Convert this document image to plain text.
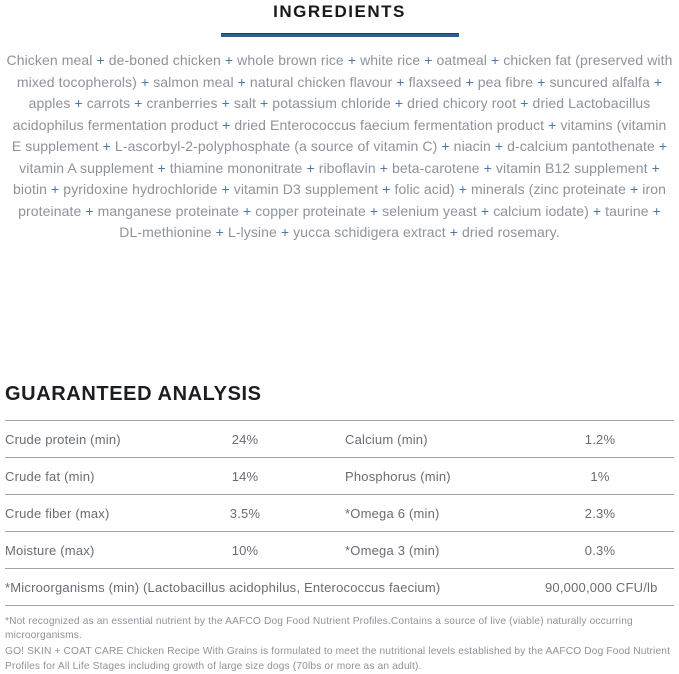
INGREDIENTS

Chicken meal + de-boned chicken + whole brown rice + white rice + oatmeal + chicken fat (preserved with mixed tocopherols) + salmon meal + natural chicken flavour + flaxseed + pea fibre + suncured alfalfa + apples + carrots + cranberries + salt + potassium chloride + dried chicory root + dried Lactobacillus acidophilus fermentation product + dried Enterococcus faecium fermentation product + vitamins (vitamin E supplement + L-ascorbyl-2-polyphosphate (a source of vitamin C) + niacin + d-calcium pantothenate + vitamin A supplement + thiamine mononitrate + riboflavin + beta-carotene + vitamin B12 supplement + biotin + pyridoxine hydrochloride + vitamin D3 supplement + folic acid) + minerals (zinc proteinate + iron proteinate + manganese proteinate + copper proteinate + selenium yeast + calcium iodate) + taurine + DL-methionine + L-lysine + yucca schidigera extract + dried rosemary.

GUARANTEED ANALYSIS
Crude protein (min)	24%	Calcium (min)	1.2%
Crude fat (min)	14%	Phosphorus (min)	1%
Crude fiber (max)	3.5%	*Omega 6 (min)	2.3%
Moisture (max)	10%	*Omega 3 (min)	0.3%
*Microorganisms (min) (Lactobacillus acidophilus, Enterococcus faecium)	90,000,000 CFU/lb

*Not recognized as an essential nutrient by the AAFCO Dog Food Nutrient Profiles.Contains a source of live (viable) naturally occurring microorganisms.

GO! SKIN + COAT CARE Chicken Recipe With Grains is formulated to meet the nutritional levels established by the AAFCO Dog Food Nutrient Profiles for All Life Stages including growth of large size dogs (70lbs or more as an adult).
